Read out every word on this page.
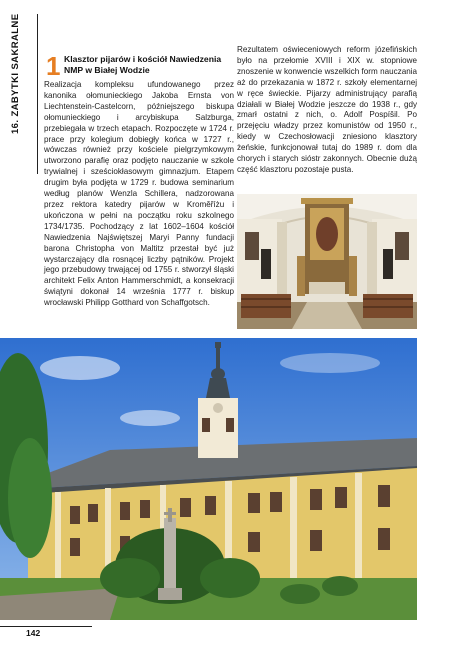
16. ZABYTKI SAKRALNE 1 Klasztor pijarów i kościół Nawiedzenia NMP w Białej Wodzie

Realizacja kompleksu ufundowanego przez kanonika ołomunieckiego Jakoba Ernsta von Liechtenstein-Castelcorn, późniejszego biskupa ołomunieckiego i arcybiskupa Salzburga, przebiegała w trzech etapach. Rozpoczęte w 1724 r. prace przy kolegium dobiegły końca w 1727 r., wówczas również przy kościele pielgrzymkowym utworzono parafię oraz podjęto nauczanie w szkole trywialnej i sześciokłasowym gimnazjum. Etapem drugim była podjęta w 1729 r. budowa seminarium według planów Wenzla Schillera, nadzorowana przez rektora katedry pijarów w Kroměříżu i ukończona w pełni na początku roku szkolnego 1734/1735. Pochodzący z lat 1602–1604 kościół Nawiedzenia Najświętszej Maryi Panny fundacji barona Christopha von Maltitz przestał być już wystarczający dla rosnącej liczby pątników. Projekt jego przebudowy trwającej od 1755 r. stworzył śląski architekt Felix Anton Hammerschmidt, a konsekracji świątyni dokonał 14 września 1777 r. biskup wrocławski Philipp Gotthard von Schaffgotsch.

Rezultatem oświeceniowych reform józefińskich było na przełomie XVIII i XIX w. stopniowe znoszenie w konwencie wszelkich form nauczania aż do przekazania w 1872 r. szkoły elementarnej w ręce świeckie. Pijarzy administrujący parafią działali w Białej Wodzie jeszcze do 1938 r., gdy zmarł ostatni z nich, o. Adolf Pospíšil. Po przejęciu władzy przez komunistów od 1950 r., kiedy w Czechosłowacji zniesiono klasztory żeńskie, funkcjonował tutaj do 1989 r. dom dla chorych i starych sióstr zakonnych. Obecnie dużą część klasztoru pozostaje pusta.

142
